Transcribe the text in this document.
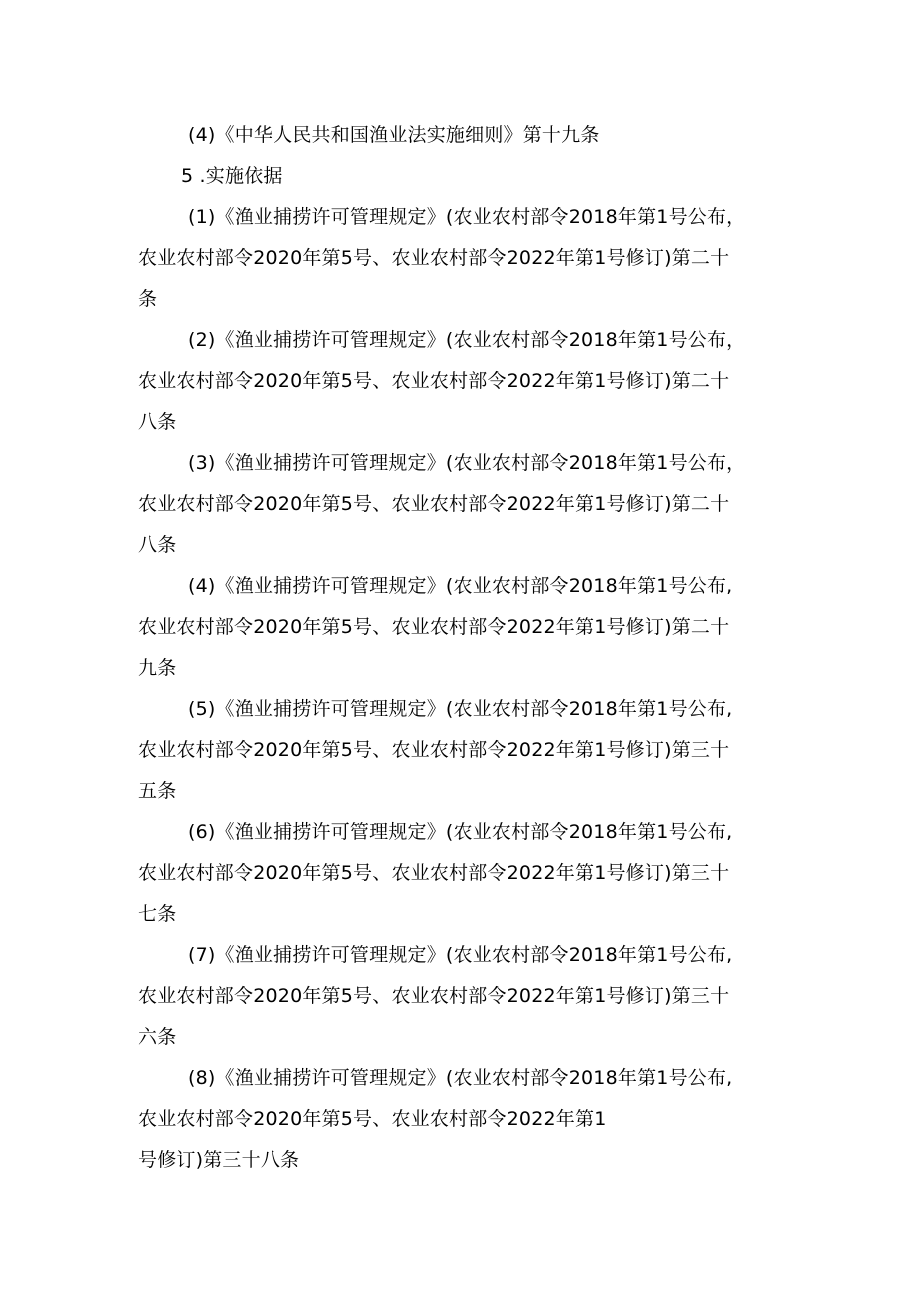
(4)《中华人民共和国渔业法实施细则》第十九条
5 .实施依据
(1)《渔业捕捞许可管理规定》(农业农村部令2018年第1号公布，
农业农村部令2020年第5号、农业农村部令2022年第1号修订)第二十
条
(2)《渔业捕捞许可管理规定》(农业农村部令2018年第1号公布，
农业农村部令2020年第5号、农业农村部令2022年第1号修订)第二十
八条
(3)《渔业捕捞许可管理规定》(农业农村部令2018年第1号公布，
农业农村部令2020年第5号、农业农村部令2022年第1号修订)第二十
八条
(4)《渔业捕捞许可管理规定》(农业农村部令2018年第1号公布,
农业农村部令2020年第5号、农业农村部令2022年第1号修订)第二十
九条
(5)《渔业捕捞许可管理规定》(农业农村部令2018年第1号公布,
农业农村部令2020年第5号、农业农村部令2022年第1号修订)第三十
五条
(6)《渔业捕捞许可管理规定》(农业农村部令2018年第1号公布,
农业农村部令2020年第5号、农业农村部令2022年第1号修订)第三十
七条
(7)《渔业捕捞许可管理规定》(农业农村部令2018年第1号公布,
农业农村部令2020年第5号、农业农村部令2022年第1号修订)第三十
六条
(8)《渔业捕捞许可管理规定》(农业农村部令2018年第1号公布,
农业农村部令2020年第5号、农业农村部令2022年第1
号修订)第三十八条
